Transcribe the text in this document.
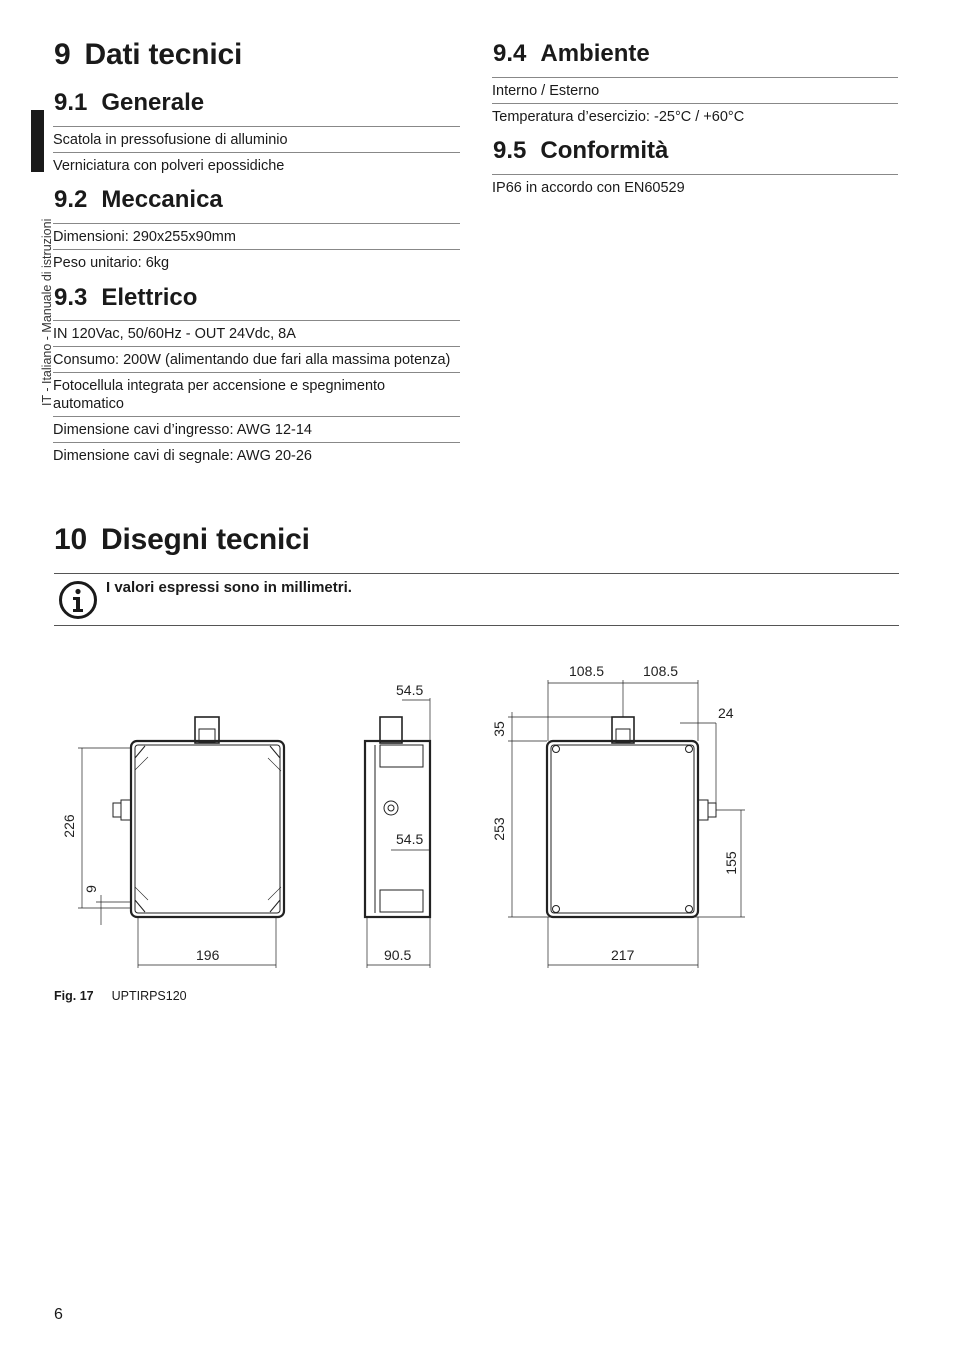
IT - Italiano - Manuale di istruzioni
9 Dati tecnici
9.1 Generale
Scatola in pressofusione di alluminio
Verniciatura con polveri epossidiche
9.2 Meccanica
Dimensioni: 290x255x90mm
Peso unitario: 6kg
9.3 Elettrico
IN 120Vac, 50/60Hz - OUT 24Vdc, 8A
Consumo: 200W (alimentando due fari alla massima potenza)
Fotocellula integrata per accensione e spegnimento automatico
Dimensione cavi d’ingresso: AWG 12-14
Dimensione cavi di segnale: AWG 20-26
9.4 Ambiente
Interno / Esterno
Temperatura d’esercizio: -25°C / +60°C
9.5 Conformità
IP66 in accordo con EN60529
10 Disegni tecnici
I valori espressi sono in millimetri.
196
226
9
54.5
54.5
90.5
108.5	108.5
24
35
253
155
217
Fig. 17 UPTIRPS120
6
